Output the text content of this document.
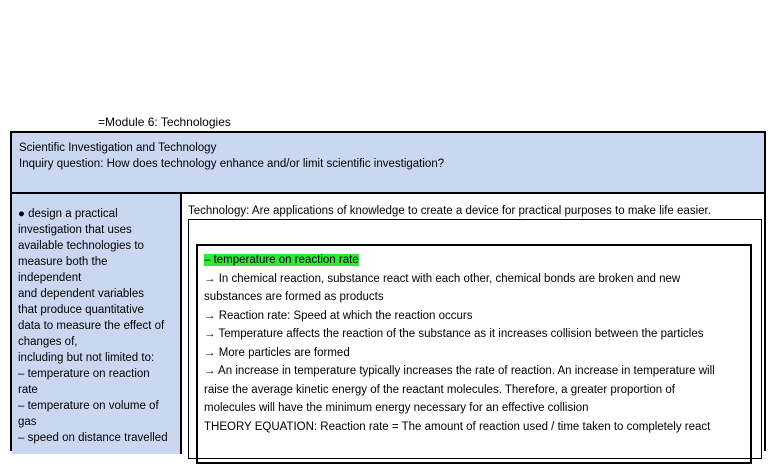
=Module 6: Technologies
Scientific Investigation and Technology
Inquiry question: How does technology enhance and/or limit scientific investigation?
● design a practical
investigation that uses
available technologies to
measure both the
independent
and dependent variables
that produce quantitative
data to measure the effect of
changes of,
including but not limited to:
– temperature on reaction
rate
– temperature on volume of
gas
– speed on distance travelled
Technology: Are applications of knowledge to create a device for practical purposes to make life easier.
– temperature on reaction rate
→ In chemical reaction, substance react with each other, chemical bonds are broken and new
substances are formed as products
→ Reaction rate: Speed at which the reaction occurs
→ Temperature affects the reaction of the substance as it increases collision between the particles
→ More particles are formed
→ An increase in temperature typically increases the rate of reaction. An increase in temperature will
raise the average kinetic energy of the reactant molecules. Therefore, a greater proportion of
molecules will have the minimum energy necessary for an effective collision
THEORY EQUATION: Reaction rate = The amount of reaction used / time taken to completely react
